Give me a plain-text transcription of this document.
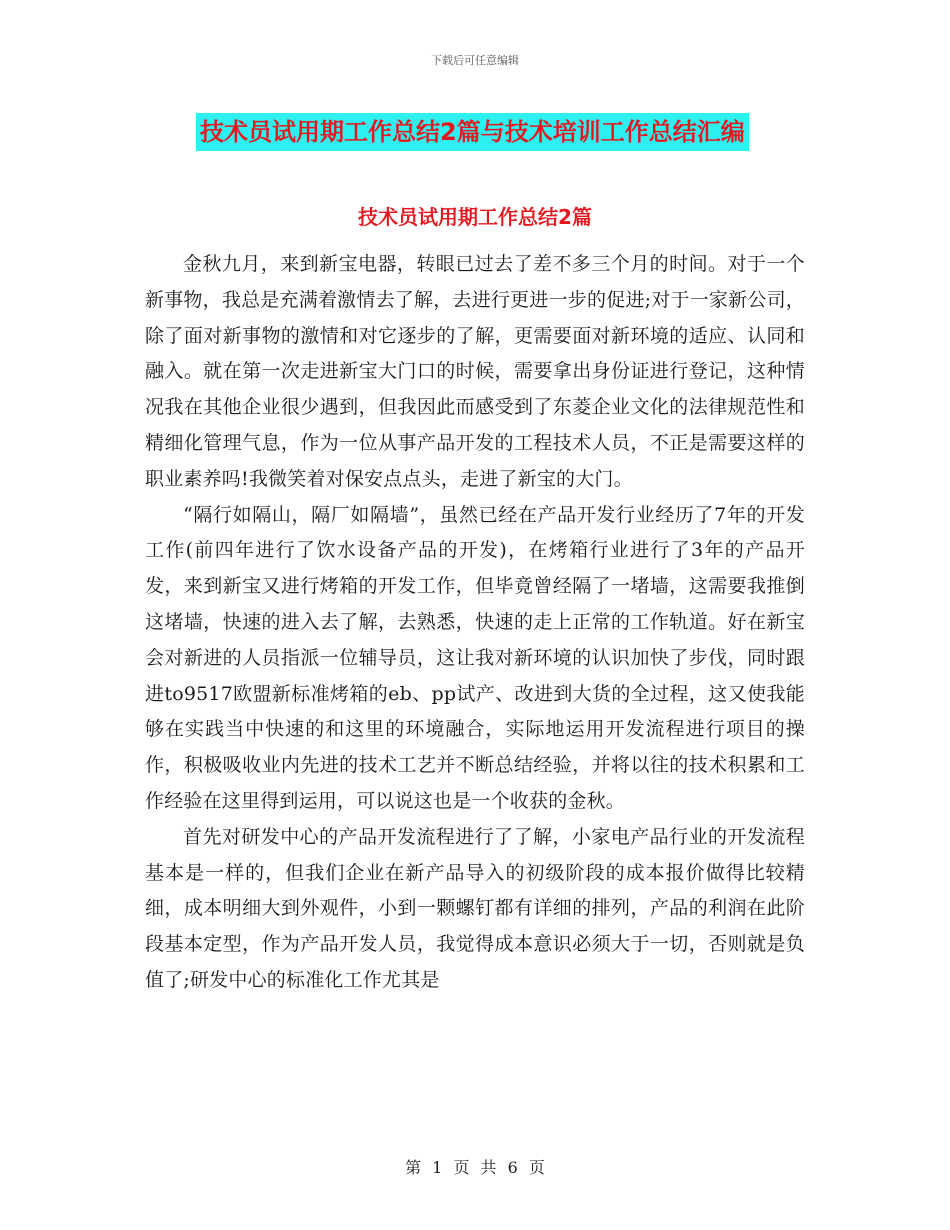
下载后可任意编辑
技术员试用期工作总结2篇与技术培训工作总结汇编
技术员试用期工作总结2篇

金秋九月，来到新宝电器，转眼已过去了差不多三个月的时间。对于一个新事物，我总是充满着激情去了解，去进行更进一步的促进;对于一家新公司，除了面对新事物的激情和对它逐步的了解，更需要面对新环境的适应、认同和融入。就在第一次走进新宝大门口的时候，需要拿出身份证进行登记，这种情况我在其他企业很少遇到，但我因此而感受到了东菱企业文化的法律规范性和精细化管理气息，作为一位从事产品开发的工程技术人员，不正是需要这样的职业素养吗!我微笑着对保安点点头，走进了新宝的大门。

“隔行如隔山，隔厂如隔墙”，虽然已经在产品开发行业经历了7年的开发工作(前四年进行了饮水设备产品的开发)，在烤箱行业进行了3年的产品开发，来到新宝又进行烤箱的开发工作，但毕竟曾经隔了一堵墙，这需要我推倒这堵墙，快速的进入去了解，去熟悉，快速的走上正常的工作轨道。好在新宝会对新进的人员指派一位辅导员，这让我对新环境的认识加快了步伐，同时跟进to9517欧盟新标准烤箱的eb、pp试产、改进到大货的全过程，这又使我能够在实践当中快速的和这里的环境融合，实际地运用开发流程进行项目的操作，积极吸收业内先进的技术工艺并不断总结经验，并将以往的技术积累和工作经验在这里得到运用，可以说这也是一个收获的金秋。

首先对研发中心的产品开发流程进行了了解，小家电产品行业的开发流程基本是一样的，但我们企业在新产品导入的初级阶段的成本报价做得比较精细，成本明细大到外观件，小到一颗螺钉都有详细的排列，产品的利润在此阶段基本定型，作为产品开发人员，我觉得成本意识必须大于一切，否则就是负值了;研发中心的标准化工作尤其是

第 1 页 共 6 页
